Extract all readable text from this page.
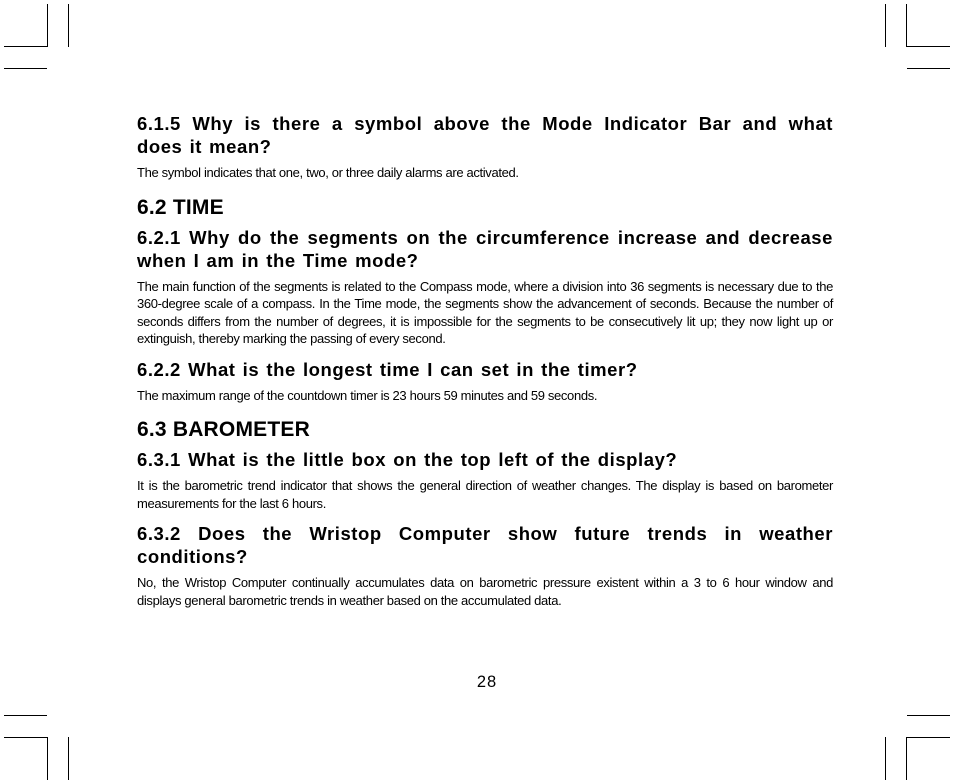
6.1.5 Why is there a symbol above the Mode Indicator Bar and what does it mean?

The symbol indicates that one, two, or three daily alarms are activated.

6.2 TIME
6.2.1 Why do the segments on the circumference increase and decrease when I am in the Time mode?

The main function of the segments is related to the Compass mode, where a division into 36 segments is necessary due to the 360-degree scale of a compass. In the Time mode, the segments show the advancement of seconds. Because the number of seconds differs from the number of degrees, it is impossible for the segments to be consecutively lit up; they now light up or extinguish, thereby marking the passing of every second.

6.2.2 What is the longest time I can set in the timer?

The maximum range of the countdown timer is 23 hours 59 minutes and 59 seconds.

6.3 BAROMETER
6.3.1 What is the little box on the top left of the display?

It is the barometric trend indicator that shows the general direction of weather changes. The display is based on barometer measurements for the last 6 hours.

6.3.2 Does the Wristop Computer show future trends in weather conditions?

No, the Wristop Computer continually accumulates data on barometric pressure existent within a 3 to 6 hour window and displays general barometric trends in weather based on the accumulated data.

28
